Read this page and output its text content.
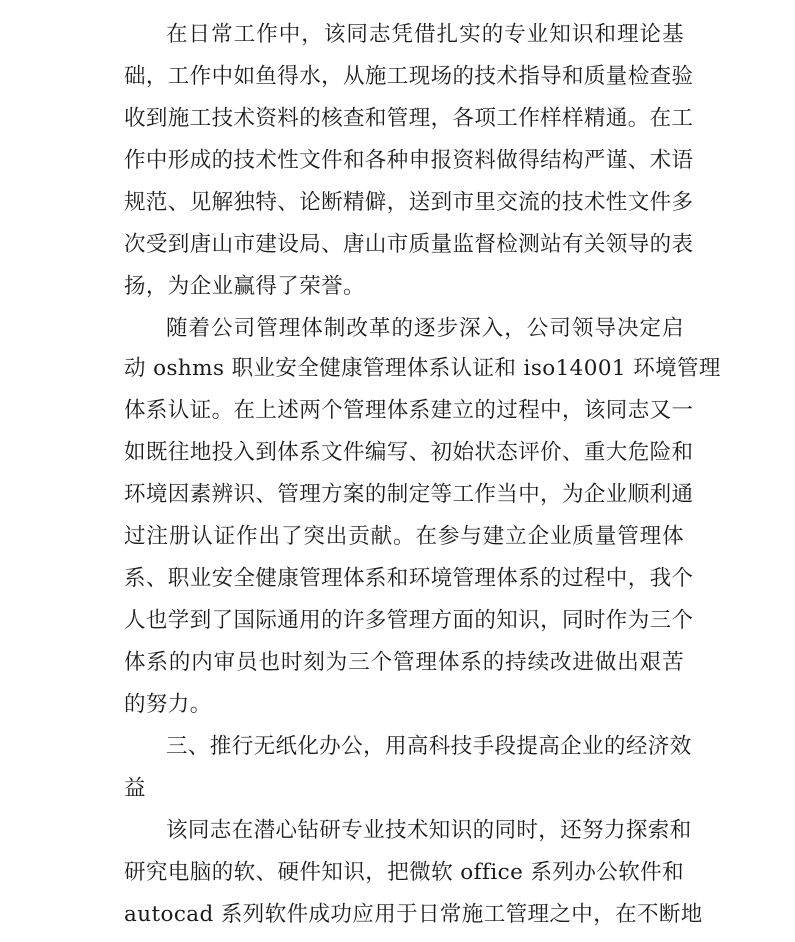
在日常工作中，该同志凭借扎实的专业知识和理论基
础，工作中如鱼得水，从施工现场的技术指导和质量检查验
收到施工技术资料的核查和管理，各项工作样样精通。在工
作中形成的技术性文件和各种申报资料做得结构严谨、术语
规范、见解独特、论断精僻，送到市里交流的技术性文件多
次受到唐山市建设局、唐山市质量监督检测站有关领导的表
扬，为企业赢得了荣誉。
随着公司管理体制改革的逐步深入，公司领导决定启
动 oshms 职业安全健康管理体系认证和 iso14001 环境管理
体系认证。在上述两个管理体系建立的过程中，该同志又一
如既往地投入到体系文件编写、初始状态评价、重大危险和
环境因素辨识、管理方案的制定等工作当中，为企业顺利通
过注册认证作出了突出贡献。在参与建立企业质量管理体
系、职业安全健康管理体系和环境管理体系的过程中，我个
人也学到了国际通用的许多管理方面的知识，同时作为三个
体系的内审员也时刻为三个管理体系的持续改进做出艰苦
的努力。
三、推行无纸化办公，用高科技手段提高企业的经济效
益
该同志在潜心钻研专业技术知识的同时，还努力探索和
研究电脑的软、硬件知识，把微软 office 系列办公软件和
autocad 系列软件成功应用于日常施工管理之中，在不断地
